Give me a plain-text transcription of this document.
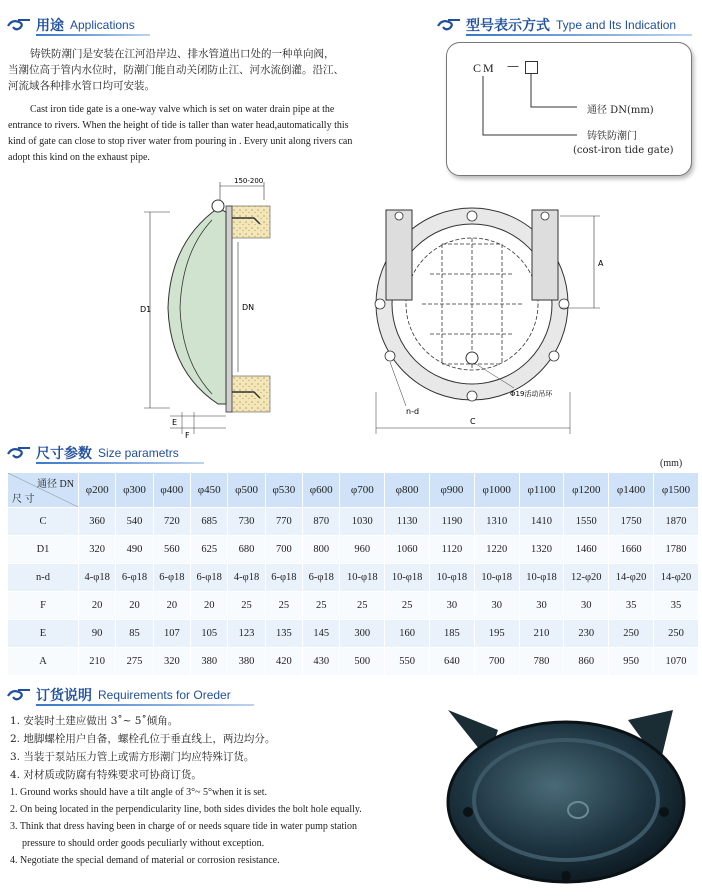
用途 Applications

铸铁防潮门是安装在江河沿岸边、排水管道出口处的一种单向阀，

当潮位高于管内水位时，防潮门能自动关闭防止江、河水流倒灌。沿江、

河流域各种排水管口均可安装。

Cast iron tide gate is a one-way valve which is set on water drain pipe at the

entrance to rivers. When the height of tide is taller than water head,automatically this

kind of gate can close to stop river water from pouring in . Every unit along rivers can

adopt this kind on the exhaust pipe.

型号表示方式 Type and Its Indication
CM —
通径 DN(mm)
铸铁防潮门
(cost-iron tide gate)
150-200
D1	DN
E
F
A
C
n-d
Φ19活动吊环
尺寸参数 Size parametrs
(mm)
通径 DN
尺 寸	φ200	φ300	φ400	φ450	φ500	φ530	φ600	φ700	φ800	φ900	φ1000	φ1100	φ1200	φ1400	φ1500
C	360	540	720	685	730	770	870	1030	1130	1190	1310	1410	1550	1750	1870
D1	320	490	560	625	680	700	800	960	1060	1120	1220	1320	1460	1660	1780
n-d	4-φ18	6-φ18	6-φ18	6-φ18	4-φ18	6-φ18	6-φ18	10-φ18	10-φ18	10-φ18	10-φ18	10-φ18	12-φ20	14-φ20	14-φ20
F	20	20	20	20	25	25	25	25	25	30	30	30	30	35	35
E	90	85	107	105	123	135	145	300	160	185	195	210	230	250	250
A	210	275	320	380	380	420	430	500	550	640	700	780	860	950	1070
订货说明 Requirements for Oreder
1. 安装时土建应做出 3˚~ 5˚倾角。
2. 地脚螺栓用户自备，螺栓孔位于垂直线上，两边均分。
3. 当装于泵站压力管上或需方形潮门均应特殊订货。
4. 对材质或防腐有特殊要求可协商订货。
1. Ground works should have a tilt angle of 3°~ 5°when it is set.
2. On being located in the perpendicularity line, both sides divides the bolt hole equally.
3. Think that dress having been in charge of or needs square tide in water pump station
pressure to should order goods peculiarly without exception.
4. Negotiate the special demand of material or corrosion resistance.
